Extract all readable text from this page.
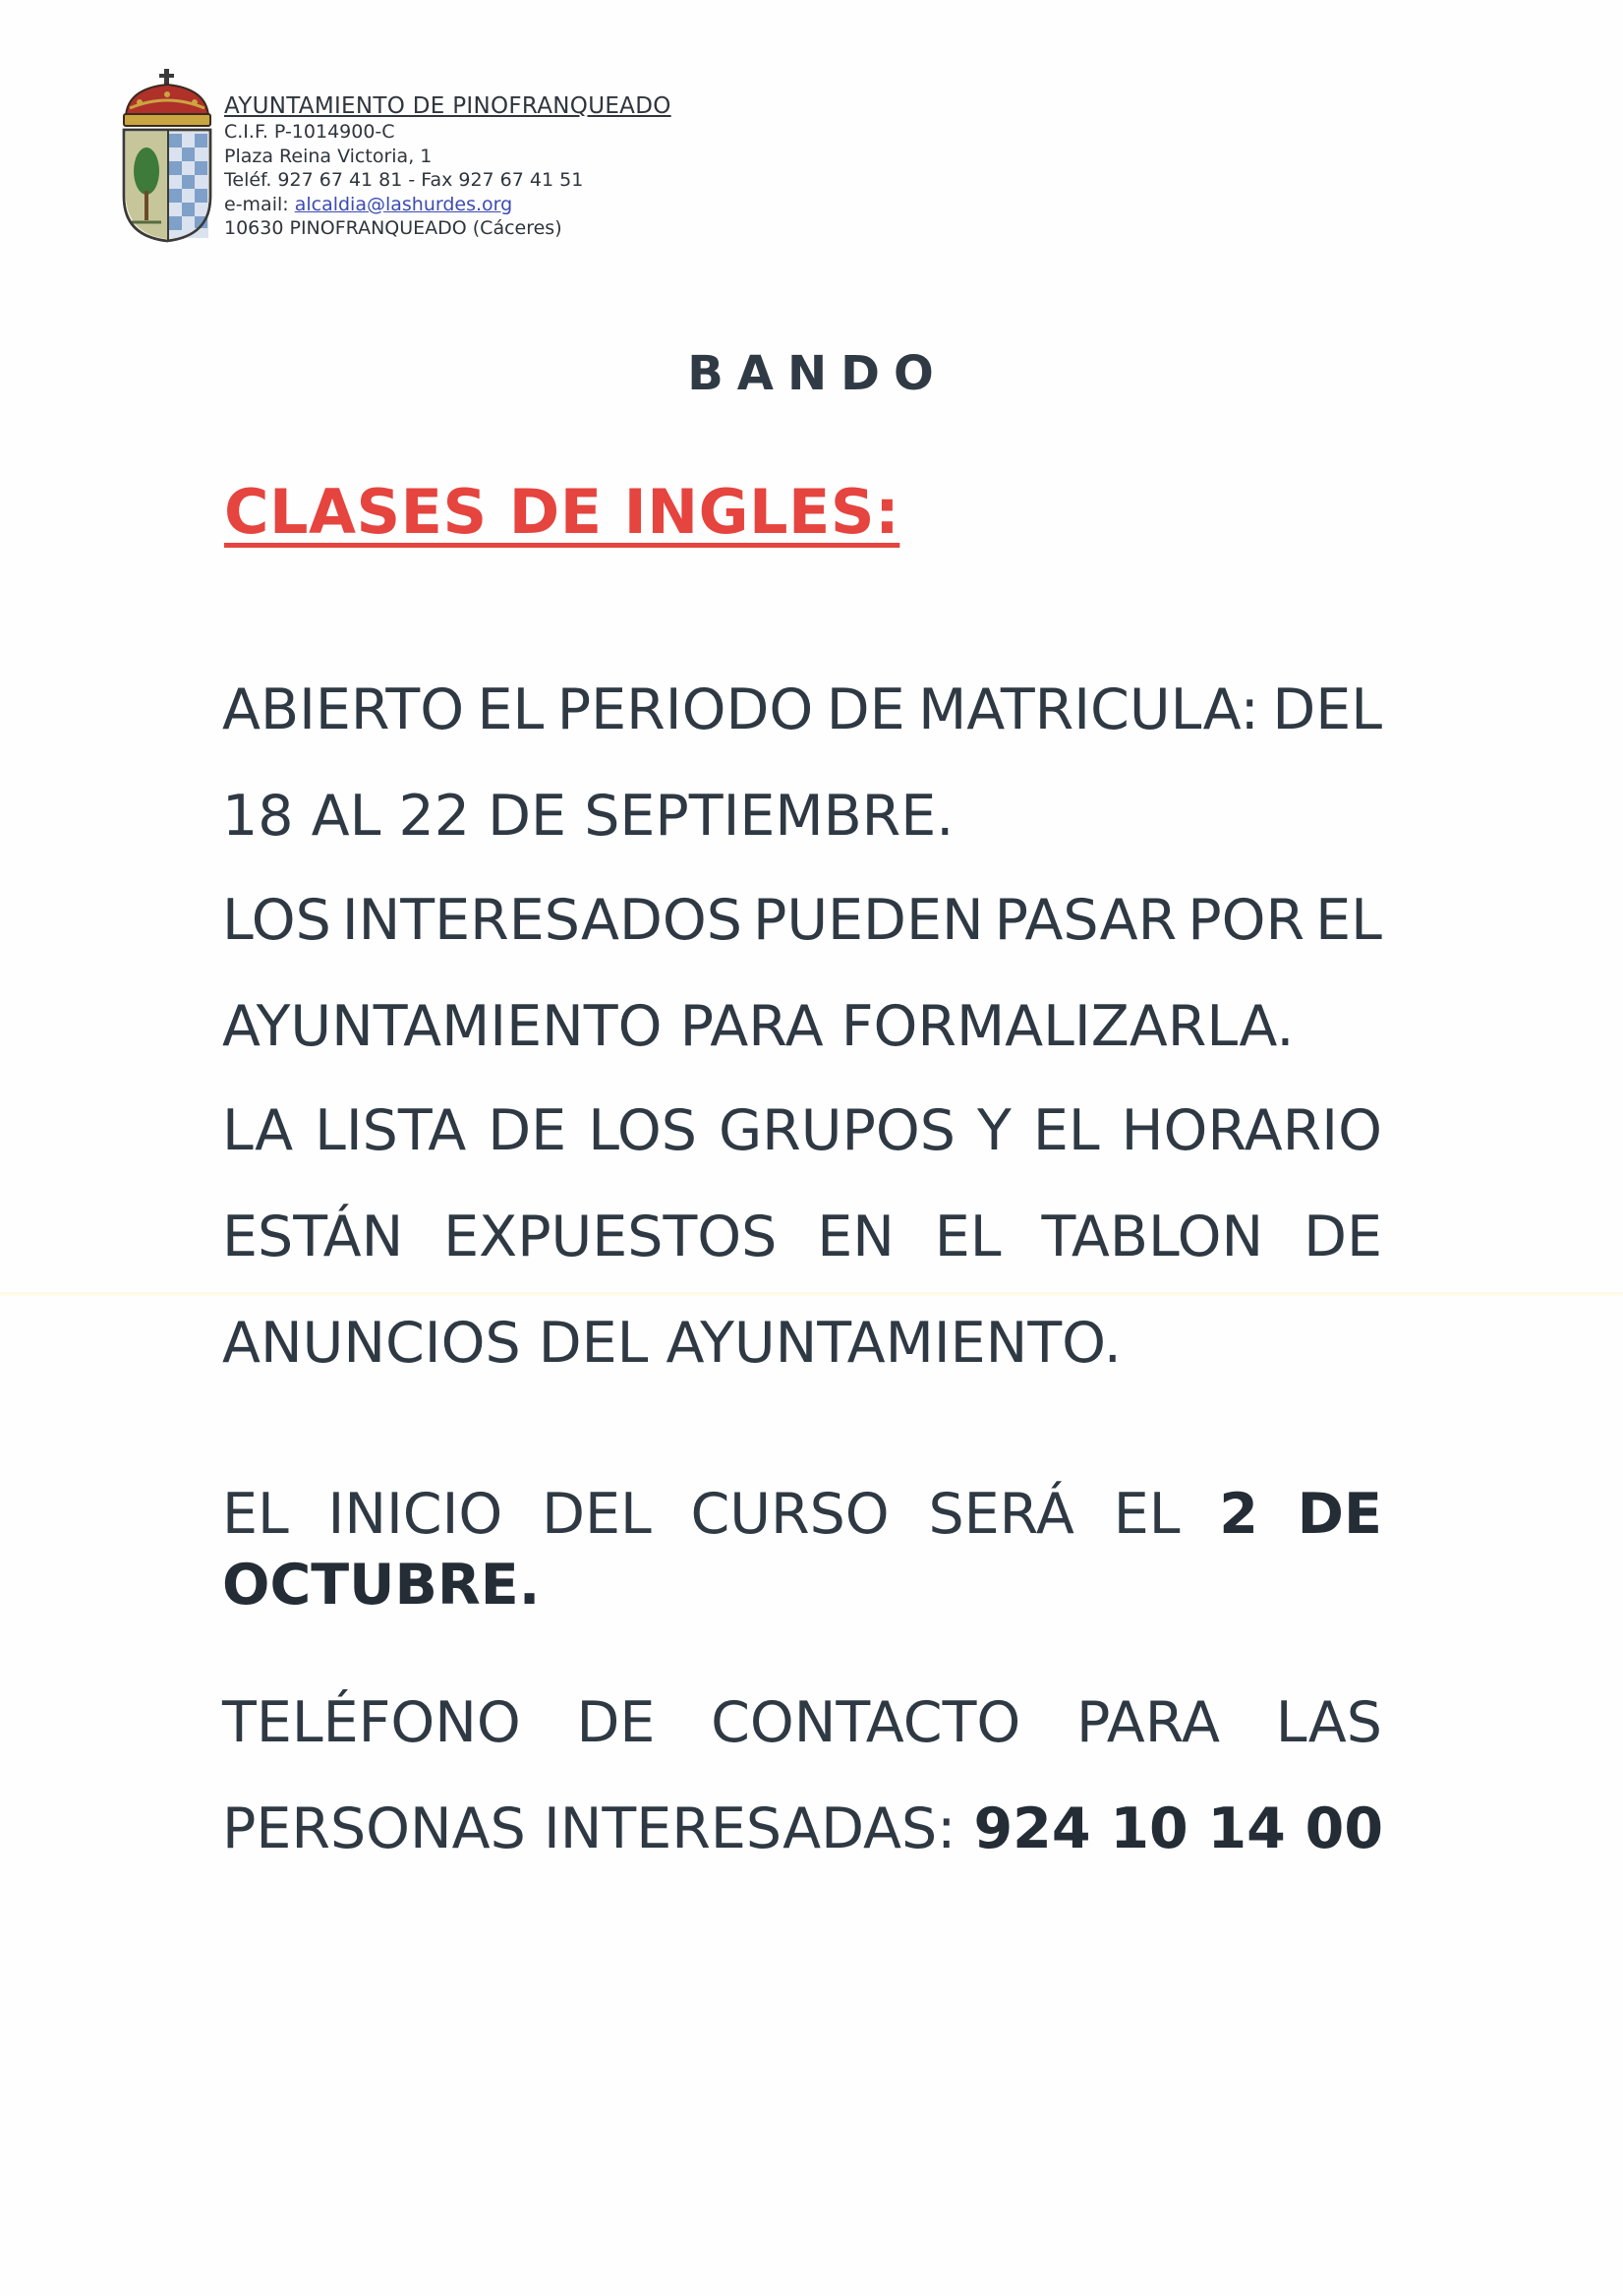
AYUNTAMIENTO DE PINOFRANQUEADO
C.I.F. P-1014900-C
Plaza Reina Victoria, 1
Teléf. 927 67 41 81 - Fax 927 67 41 51
e-mail: alcaldia@lashurdes.org
10630 PINOFRANQUEADO (Cáceres)
BANDO
CLASES DE INGLES:
ABIERTO EL PERIODO DE MATRICULA: DEL
18 AL 22 DE SEPTIEMBRE.
LOS INTERESADOS PUEDEN PASAR POR EL
AYUNTAMIENTO PARA FORMALIZARLA.
LA LISTA DE LOS GRUPOS Y EL HORARIO
ESTÁN EXPUESTOS EN EL TABLON DE
ANUNCIOS DEL AYUNTAMIENTO.
EL INICIO DEL CURSO SERÁ EL 2 DE
OCTUBRE.
TELÉFONO DE CONTACTO PARA LAS
PERSONAS INTERESADAS: 924 10 14 00
